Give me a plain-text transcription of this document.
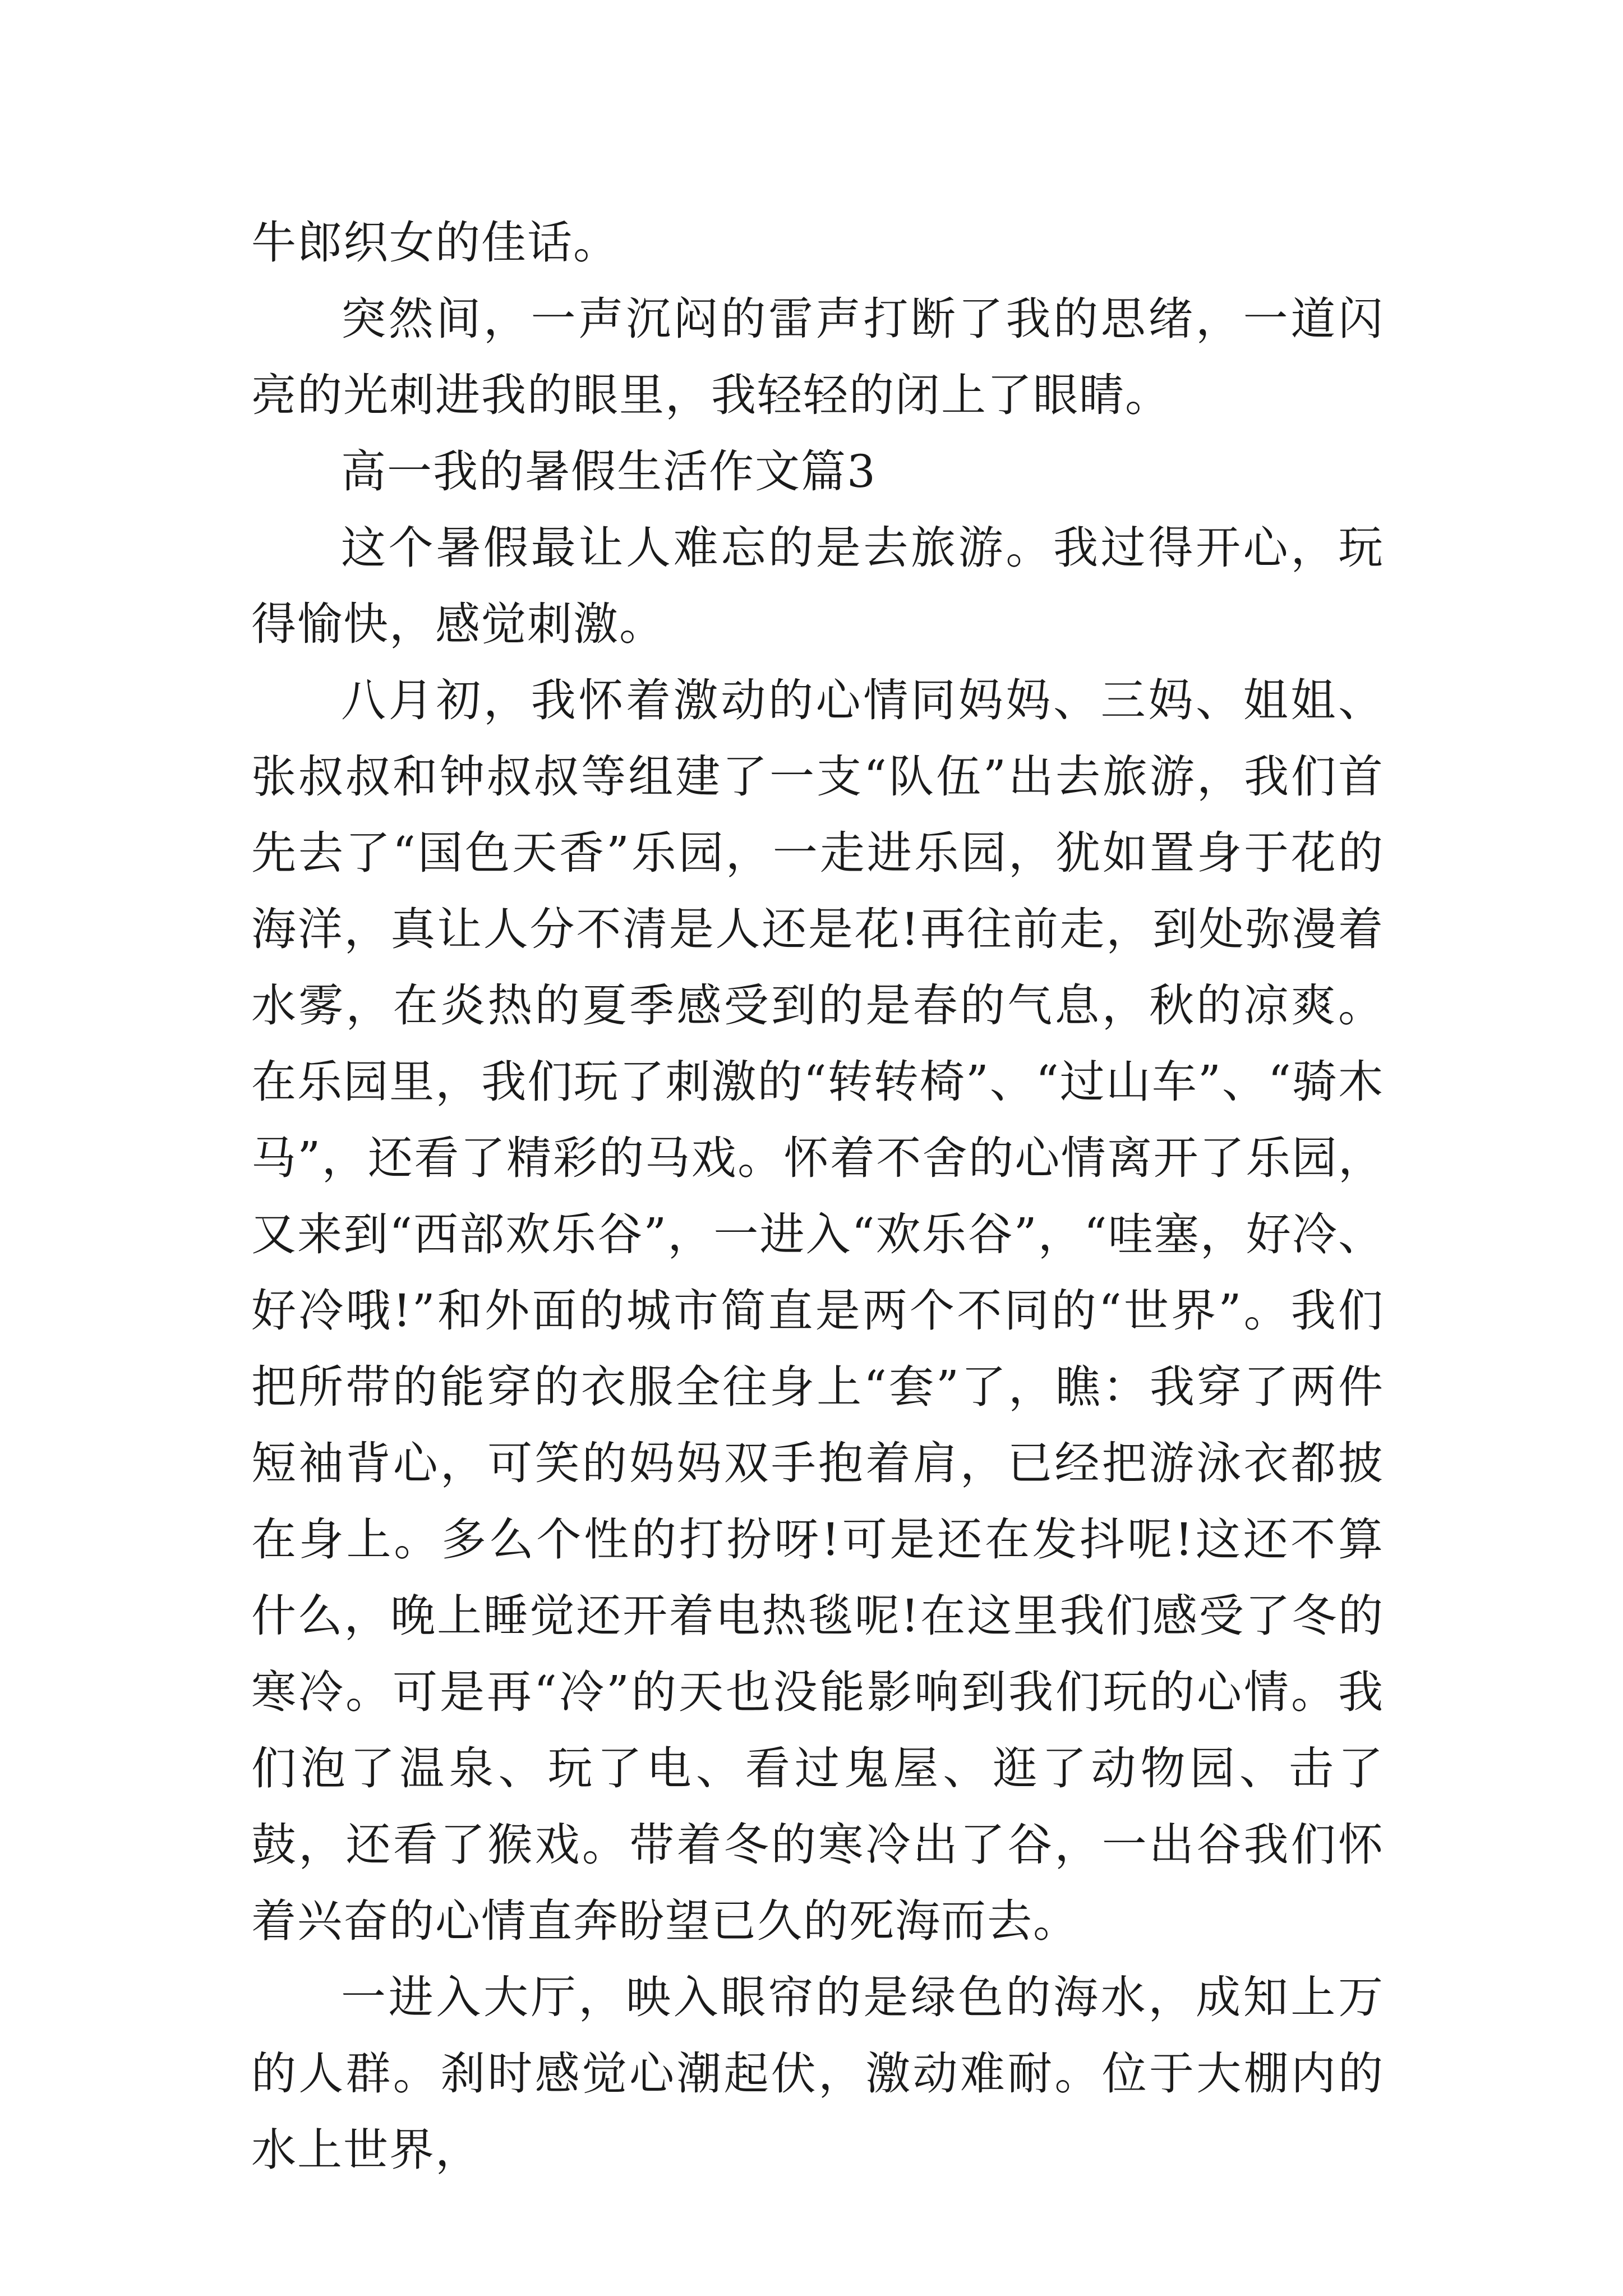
牛郎织女的佳话。

突然间，一声沉闷的雷声打断了我的思绪，一道闪亮的光刺进我的眼里，我轻轻的闭上了眼睛。

高一我的暑假生活作文篇3

这个暑假最让人难忘的是去旅游。我过得开心，玩得愉快，感觉刺激。

八月初，我怀着激动的心情同妈妈、三妈、姐姐、张叔叔和钟叔叔等组建了一支“队伍”出去旅游，我们首先去了“国色天香”乐园，一走进乐园，犹如置身于花的海洋，真让人分不清是人还是花!再往前走，到处弥漫着水雾，在炎热的夏季感受到的是春的气息，秋的凉爽。在乐园里，我们玩了刺激的“转转椅”、“过山车”、“骑木马”，还看了精彩的马戏。怀着不舍的心情离开了乐园，又来到“西部欢乐谷”，一进入“欢乐谷”，“哇塞，好冷、好冷哦!”和外面的城市简直是两个不同的“世界”。我们把所带的能穿的衣服全往身上“套”了，瞧：我穿了两件短袖背心，可笑的妈妈双手抱着肩，已经把游泳衣都披在身上。多么个性的打扮呀!可是还在发抖呢!这还不算什么，晚上睡觉还开着电热毯呢!在这里我们感受了冬的寒冷。可是再“冷”的天也没能影响到我们玩的心情。我们泡了温泉、玩了电、看过鬼屋、逛了动物园、击了鼓，还看了猴戏。带着冬的寒冷出了谷，一出谷我们怀着兴奋的心情直奔盼望已久的死海而去。

一进入大厅，映入眼帘的是绿色的海水，成知上万的人群。刹时感觉心潮起伏，激动难耐。位于大棚内的水上世界，
